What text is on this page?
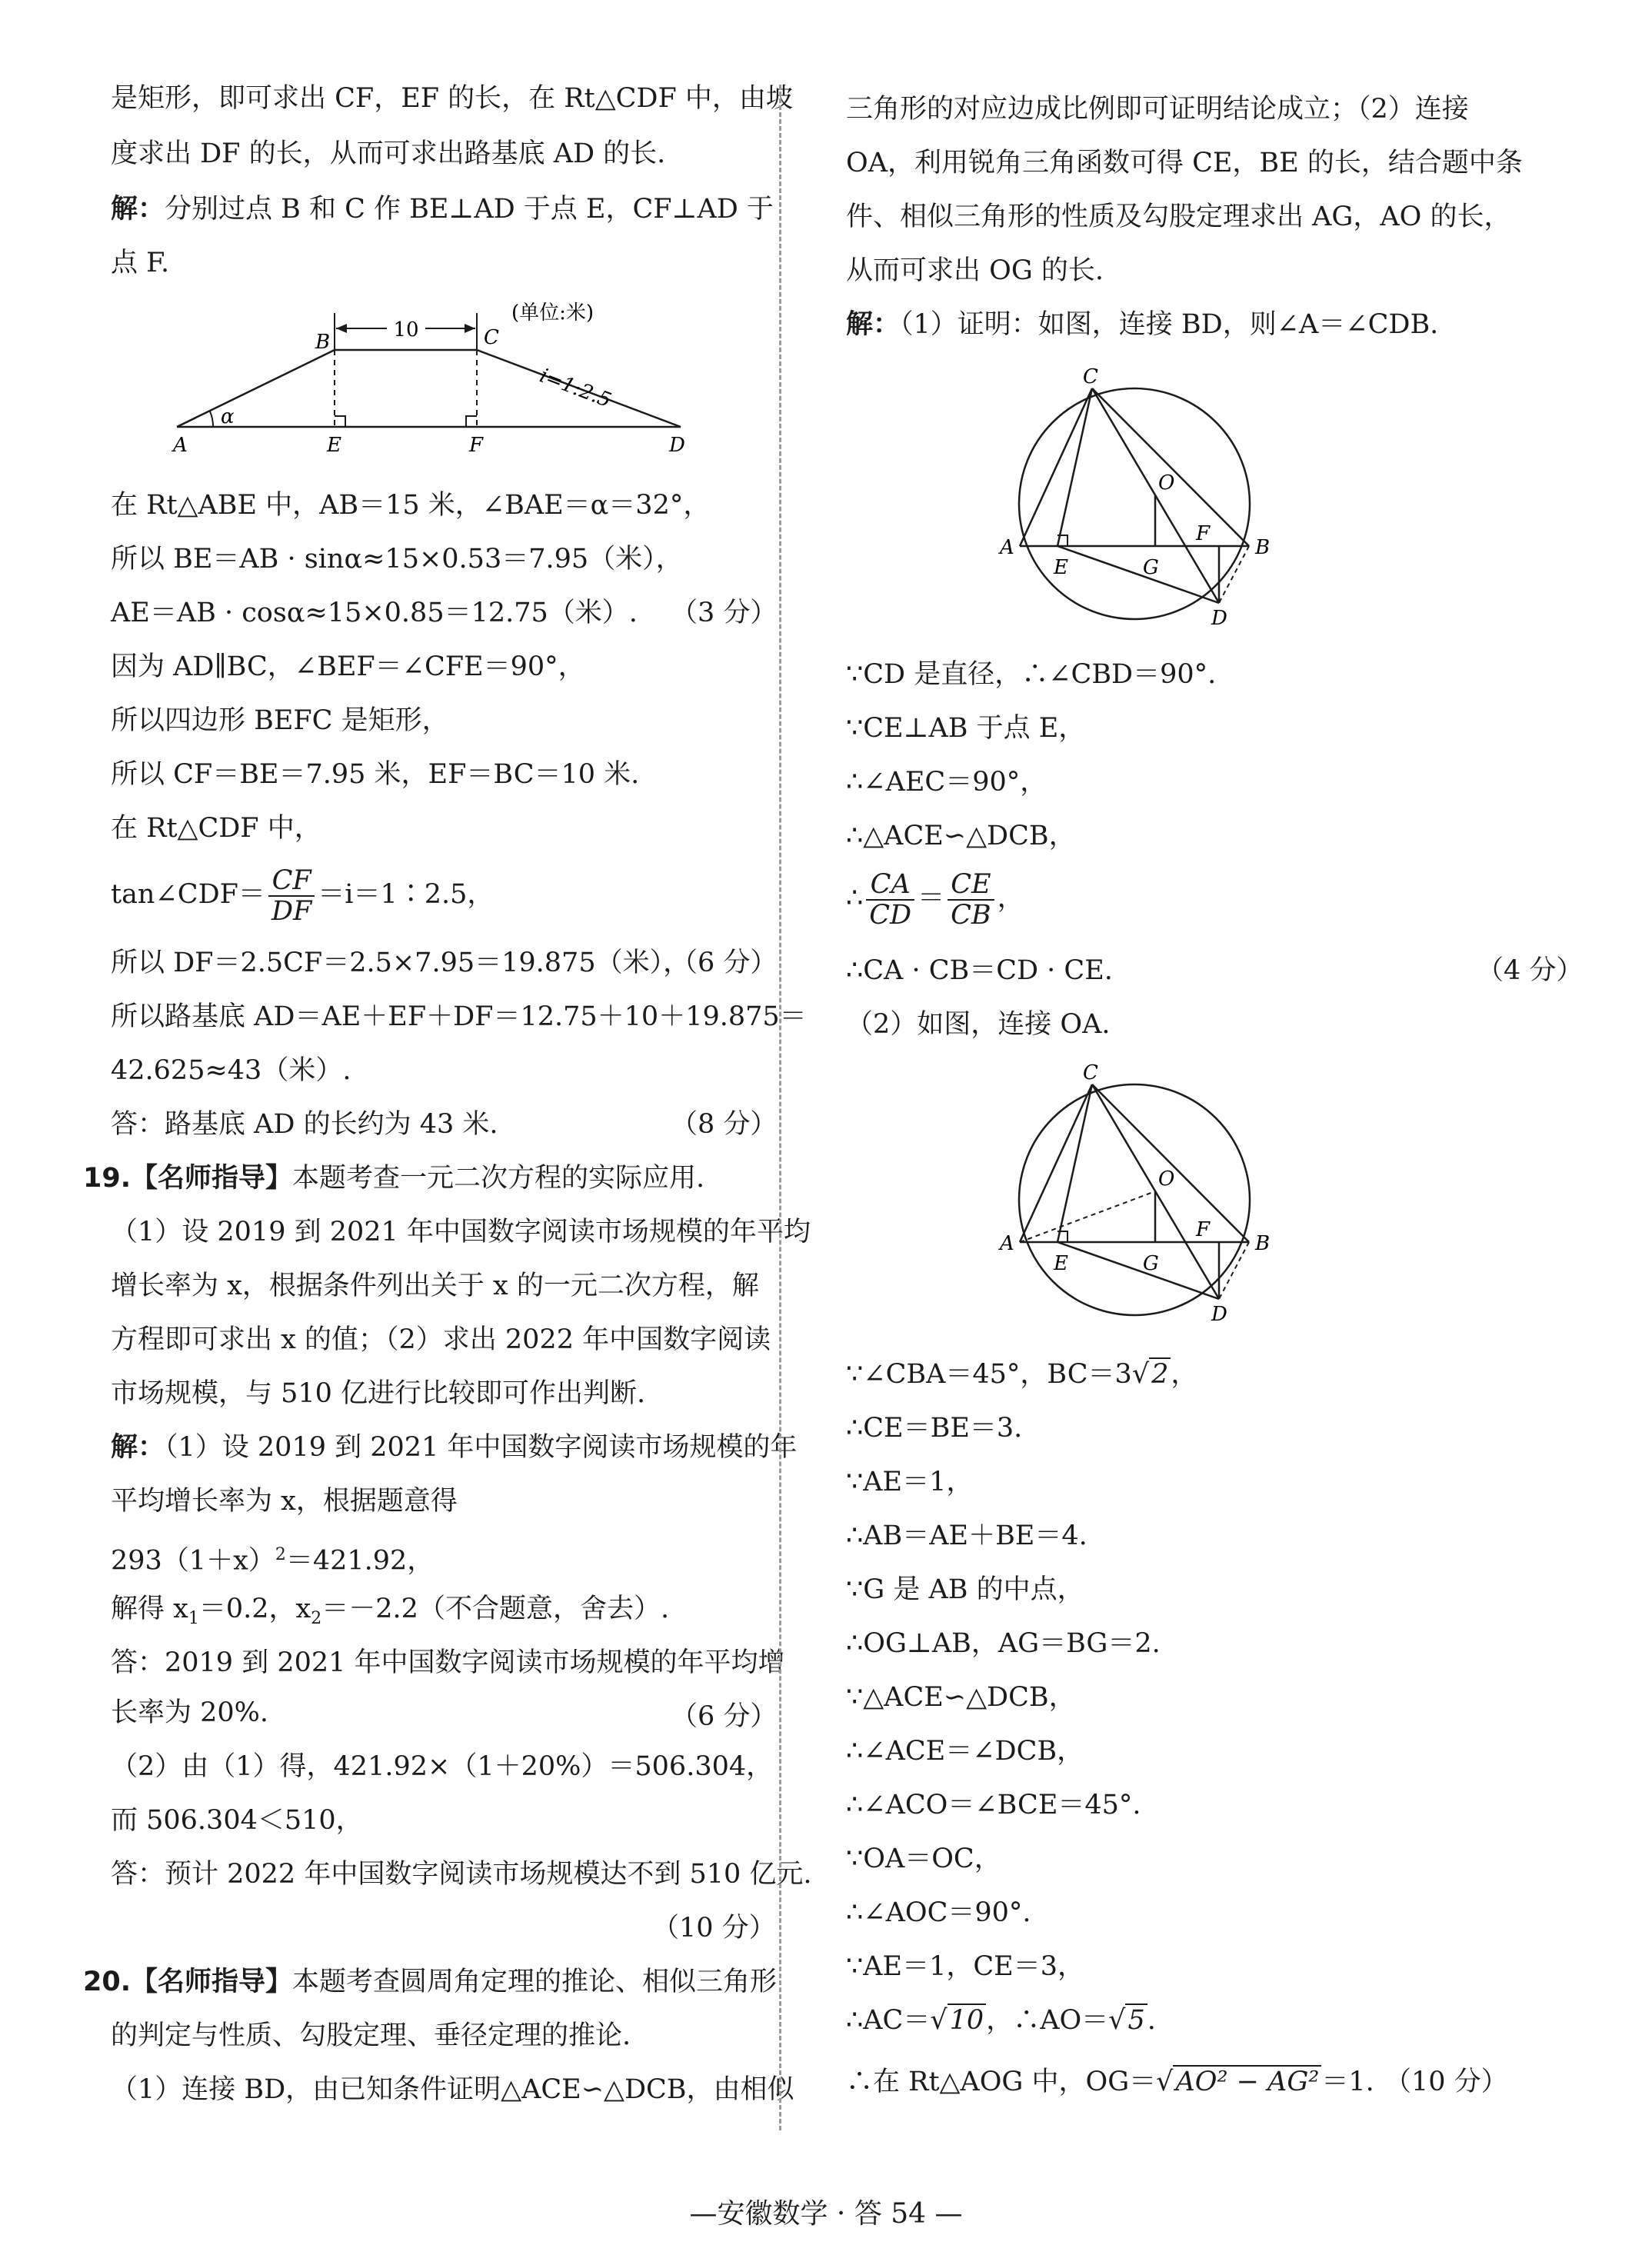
是矩形，即可求出 CF，EF 的长，在 Rt△CDF 中，由坡
度求出 DF 的长，从而可求出路基底 AD 的长.
解：分别过点 B 和 C 作 BE⊥AD 于点 E，CF⊥AD 于
点 F.
10
(单位:米)
i=1:2.5
α
A
B	C
D
E	F
在 Rt△ABE 中，AB＝15 米，∠BAE＝α＝32°，
所以 BE＝AB · sinα≈15×0.53＝7.95（米），
AE＝AB · cosα≈15×0.85＝12.75（米）. （3 分）
因为 AD∥BC，∠BEF＝∠CFE＝90°，
所以四边形 BEFC 是矩形，
所以 CF＝BE＝7.95 米，EF＝BC＝10 米.
在 Rt△CDF 中，
tan∠CDF＝ $\frac{CF}{DF}$ ＝i＝1∶2.5，
所以 DF＝2.5CF＝2.5×7.95＝19.875（米），
（6 分）
所以路基底 AD＝AE＋EF＋DF＝12.75＋10＋19.875＝
42.625≈43（米）.
答：路基底 AD 的长约为 43 米.	（8 分）
19.【名师指导】本题考查一元二次方程的实际应用.
（1）设 2019 到 2021 年中国数字阅读市场规模的年平均
增长率为 x，根据条件列出关于 x 的一元二次方程，解
方程即可求出 x 的值；（2）求出 2022 年中国数字阅读
市场规模，与 510 亿进行比较即可作出判断.
解：（1）设 2019 到 2021 年中国数字阅读市场规模的年
平均增长率为 x，根据题意得
$293(1+x)^2=421.92$，
解得 $x_1=0.2$，$x_2=-2.2$（不合题意，舍去）.
答：2019 到 2021 年中国数字阅读市场规模的年平均增
长率为 20%.	（6 分）
（2）由（1）得，421.92×（1＋20%）＝506.304，
而 506.304＜510，
答：预计 2022 年中国数字阅读市场规模达不到 510 亿元.
（10 分）
20.【名师指导】本题考查圆周角定理的推论、相似三角形
的判定与性质、勾股定理、垂径定理的推论.
（1）连接 BD，由已知条件证明△ACE∽△DCB，由相似
三角形的对应边成比例即可证明结论成立；（2）连接
OA，利用锐角三角函数可得 CE，BE 的长，结合题中条
件、相似三角形的性质及勾股定理求出 AG，AO 的长，
从而可求出 OG 的长.
解：（1）证明：如图，连接 BD，则∠A＝∠CDB.
C
O
F
A
E	G
B
D
∵CD 是直径，∴∠CBD＝90°.
∵CE⊥AB 于点 E，
∴∠AEC＝90°，
∴△ACE∽△DCB，
∴ $\frac{CA}{CD} = \frac{CE}{CB}$ ，
∴CA · CB＝CD · CE.	（4 分）
（2）如图，连接 OA.
C
O
F
A
E	G
B
D
∵∠CBA＝45°，BC＝3√2，
∴CE＝BE＝3.
∵AE＝1，
∴AB＝AE＋BE＝4.
∵G 是 AB 的中点，
∴OG⊥AB，AG＝BG＝2.
∵△ACE∽△DCB，
∴∠ACE＝∠DCB，
∴∠ACO＝∠BCE＝45°.
∵OA＝OC，
∴∠AOC＝90°.
∵AE＝1，CE＝3，
∴AC＝√10，∴AO＝√5.
∴在 Rt△AOG 中，OG＝√AO² − AG²＝1. （10 分）
—安徽数学 · 答 54 —
